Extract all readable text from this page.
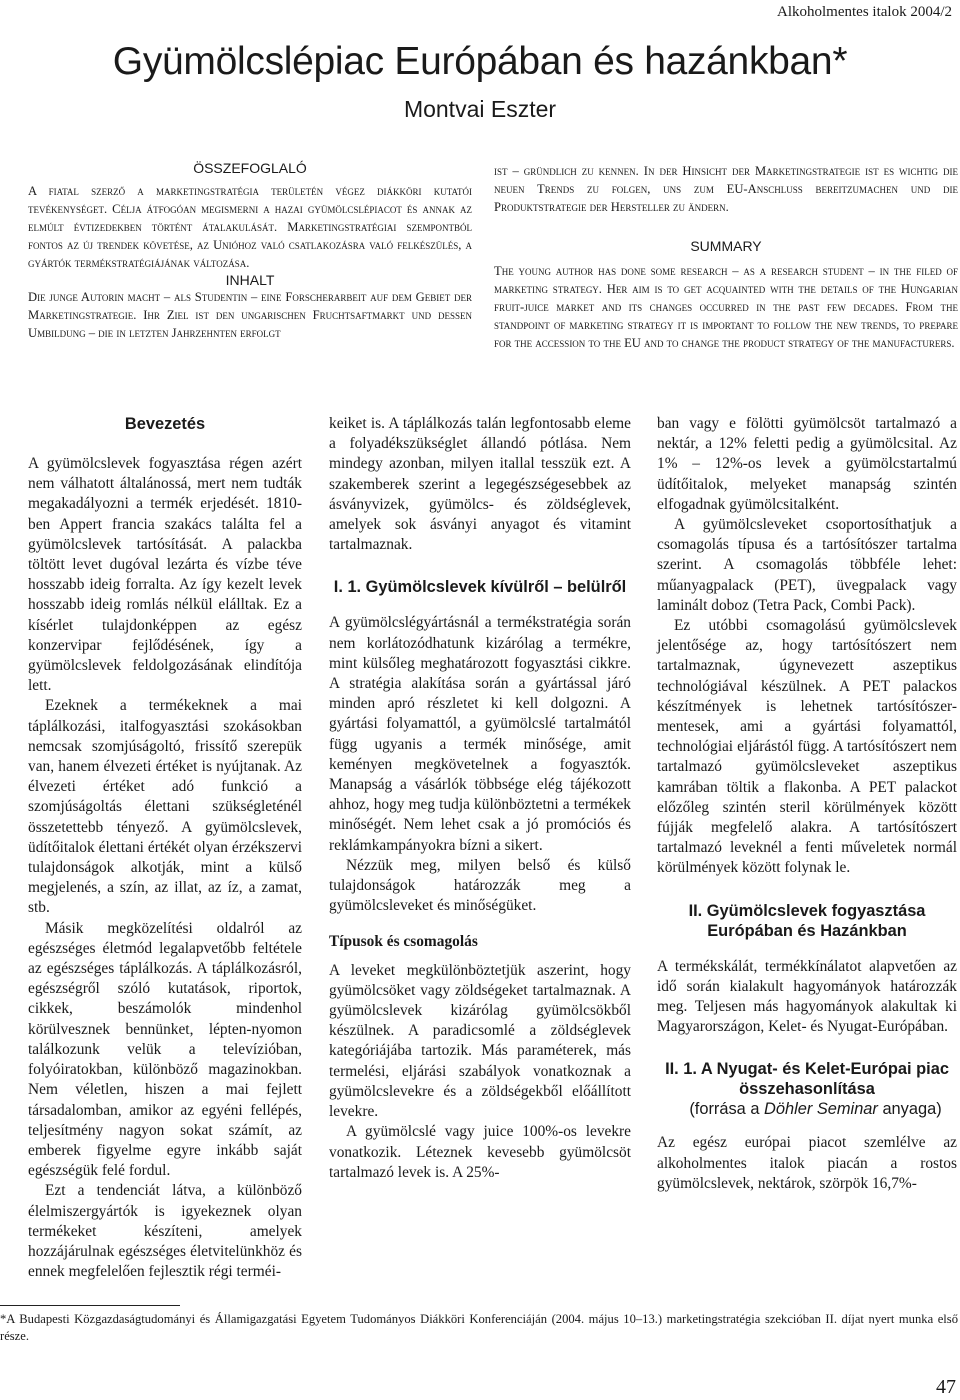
Alkoholmentes italok 2004/2
Gyümölcslépiac Európában és hazánkban*
Montvai Eszter

ÖSSZEFOGLALÓ

A fiatal szerző a marketingstratégia területén végez diákköri kutatói tevékenységet. Célja átfogóan megismerni a hazai gyümölcslépiacot és annak az elmúlt évtizedekben történt átalakulását. Marketingstratégiai szempontból fontos az új trendek követése, az Unióhoz való csatlakozásra való felkészülés, a gyártók termékstratégiájának változása.

INHALT

Die junge Autorin macht – als Studentin – eine Forscherarbeit auf dem Gebiet der Marketingstrategie. Ihr Ziel ist den ungarischen Fruchtsaftmarkt und dessen Umbildung – die in letzten Jahrzehnten erfolgt

ist – gründlich zu kennen. In der Hinsicht der Marketingstrategie ist es wichtig die neuen Trends zu folgen, uns zum EU-Anschluss bereitzumachen und die Produktstrategie der Hersteller zu ändern.

SUMMARY

The young author has done some research – as a research student – in the filed of marketing strategy. Her aim is to get acquainted with the details of the Hungarian fruit-juice market and its changes occurred in the past few decades. From the standpoint of marketing strategy it is important to follow the new trends, to prepare for the accession to the EU and to change the product strategy of the manufacturers.

Bevezetés

A gyümölcslevek fogyasztása régen azért nem válhatott általánossá, mert nem tudták megakadályozni a termék erjedését. 1810-ben Appert francia szakács találta fel a gyümölcslevek tartósítását. A palackba töltött levet dugóval lezárta és vízbe téve hosszabb ideig forralta. Az így kezelt levek hosszabb ideig romlás nélkül elálltak. Ez a kísérlet tulajdonképpen az egész konzervipar fejlődésének, így a gyümölcslevek feldolgozásának elindítója lett.

Ezeknek a termékeknek a mai táplálkozási, italfogyasztási szokásokban nemcsak szomjúságoltó, frissítő szerepük van, hanem élvezeti értéket is nyújtanak. Az élvezeti értéket adó funkció a szomjúságoltás élettani szükségleténél összetettebb tényező. A gyümölcslevek, üdítőitalok élettani értékét olyan érzékszervi tulajdonságok alkotják, mint a külső megjelenés, a szín, az illat, az íz, a zamat, stb.

Másik megközelítési oldalról az egészséges életmód legalapvetőbb feltétele az egészséges táplálkozás. A táplálkozásról, egészségről szóló kutatások, riportok, cikkek, beszámolók mindenhol körülvesznek bennünket, lépten-nyomon találkozunk velük a televízióban, folyóiratokban, különböző magazinokban. Nem véletlen, hiszen a mai fejlett társadalomban, amikor az egyéni fellépés, teljesítmény nagyon sokat számít, az emberek figyelme egyre inkább saját egészségük felé fordul.

Ezt a tendenciát látva, a különböző élelmiszergyártók is igyekeznek olyan termékeket készíteni, amelyek hozzájárulnak egészséges életvitelünkhöz és ennek megfelelően fejlesztik régi terméi-

keiket is. A táplálkozás talán legfontosabb eleme a folyadékszükséglet állandó pótlása. Nem mindegy azonban, milyen itallal tesszük ezt. A szakemberek szerint a legegészségesebbek az ásványvizek, gyümölcs- és zöldséglevek, amelyek sok ásványi anyagot és vitamint tartalmaznak.

I. 1. Gyümölcslevek kívülről – belülről

A gyümölcslégyártásnál a termékstratégia során nem korlátozódhatunk kizárólag a termékre, mint külsőleg meghatározott fogyasztási cikkre. A stratégia alakítása során a gyártással járó minden apró részletet ki kell dolgozni. A gyártási folyamattól, a gyümölcslé tartalmától függ ugyanis a termék minősége, amit keményen megkövetelnek a fogyasztók. Manapság a vásárlók többsége elég tájékozott ahhoz, hogy meg tudja különböztetni a termékek minőségét. Nem lehet csak a jó promóciós és reklámkampányokra bízni a sikert.

Nézzük meg, milyen belső és külső tulajdonságok határozzák meg a gyümölcsleveket és minőségüket.

Típusok és csomagolás

A leveket megkülönböztetjük aszerint, hogy gyümölcsöket vagy zöldségeket tartalmaznak. A gyümölcslevek kizárólag gyümölcsökből készülnek. A paradicsomlé a zöldséglevek kategóriájába tartozik. Más paraméterek, más termelési, eljárási szabályok vonatkoznak a gyümölcslevekre és a zöldségekből előállított levekre.

A gyümölcslé vagy juice 100%-os levekre vonatkozik. Léteznek kevesebb gyümölcsöt tartalmazó levek is. A 25%-

ban vagy e fölötti gyümölcsöt tartalmazó a nektár, a 12% feletti pedig a gyümölcsital. Az 1% – 12%-os levek a gyümölcstartalmú üdítőitalok, melyeket manapság szintén elfogadnak gyümölcsitalként.

A gyümölcsleveket csoportosíthatjuk a csomagolás típusa és a tartósítószer tartalma szerint. A csomagolás többféle lehet: műanyagpalack (PET), üvegpalack vagy laminált doboz (Tetra Pack, Combi Pack).

Ez utóbbi csomagolású gyümölcslevek jelentősége az, hogy tartósítószert nem tartalmaznak, úgynevezett aszeptikus technológiával készülnek. A PET palackos készítmények is lehetnek tartósítószer-mentesek, ami a gyártási folyamattól, technológiai eljárástól függ. A tartósítószert nem tartalmazó gyümölcsleveket aszeptikus kamrában töltik a flakonba. A PET palackot előzőleg szintén steril körülmények között fújják megfelelő alakra. A tartósítószert tartalmazó leveknél a fenti műveletek normál körülmények között folynak le.

II. Gyümölcslevek fogyasztása Európában és Hazánkban

A termékskálát, termékkínálatot alapvetően az idő során kialakult hagyományok határozzák meg. Teljesen más hagyományok alakultak ki Magyarországon, Kelet- és Nyugat-Európában.

II. 1. A Nyugat- és Kelet-Európai piac összehasonlítása

(forrása a Döhler Seminar anyaga)

Az egész európai piacot szemlélve az alkoholmentes italok piacán a rostos gyümölcslevek, nektárok, szörpök 16,7%-

*A Budapesti Közgazdaságtudományi és Államigazgatási Egyetem Tudományos Diákköri Konferenciáján (2004. május 10–13.) marketingstratégia szekcióban II. díjat nyert munka első része.
47
